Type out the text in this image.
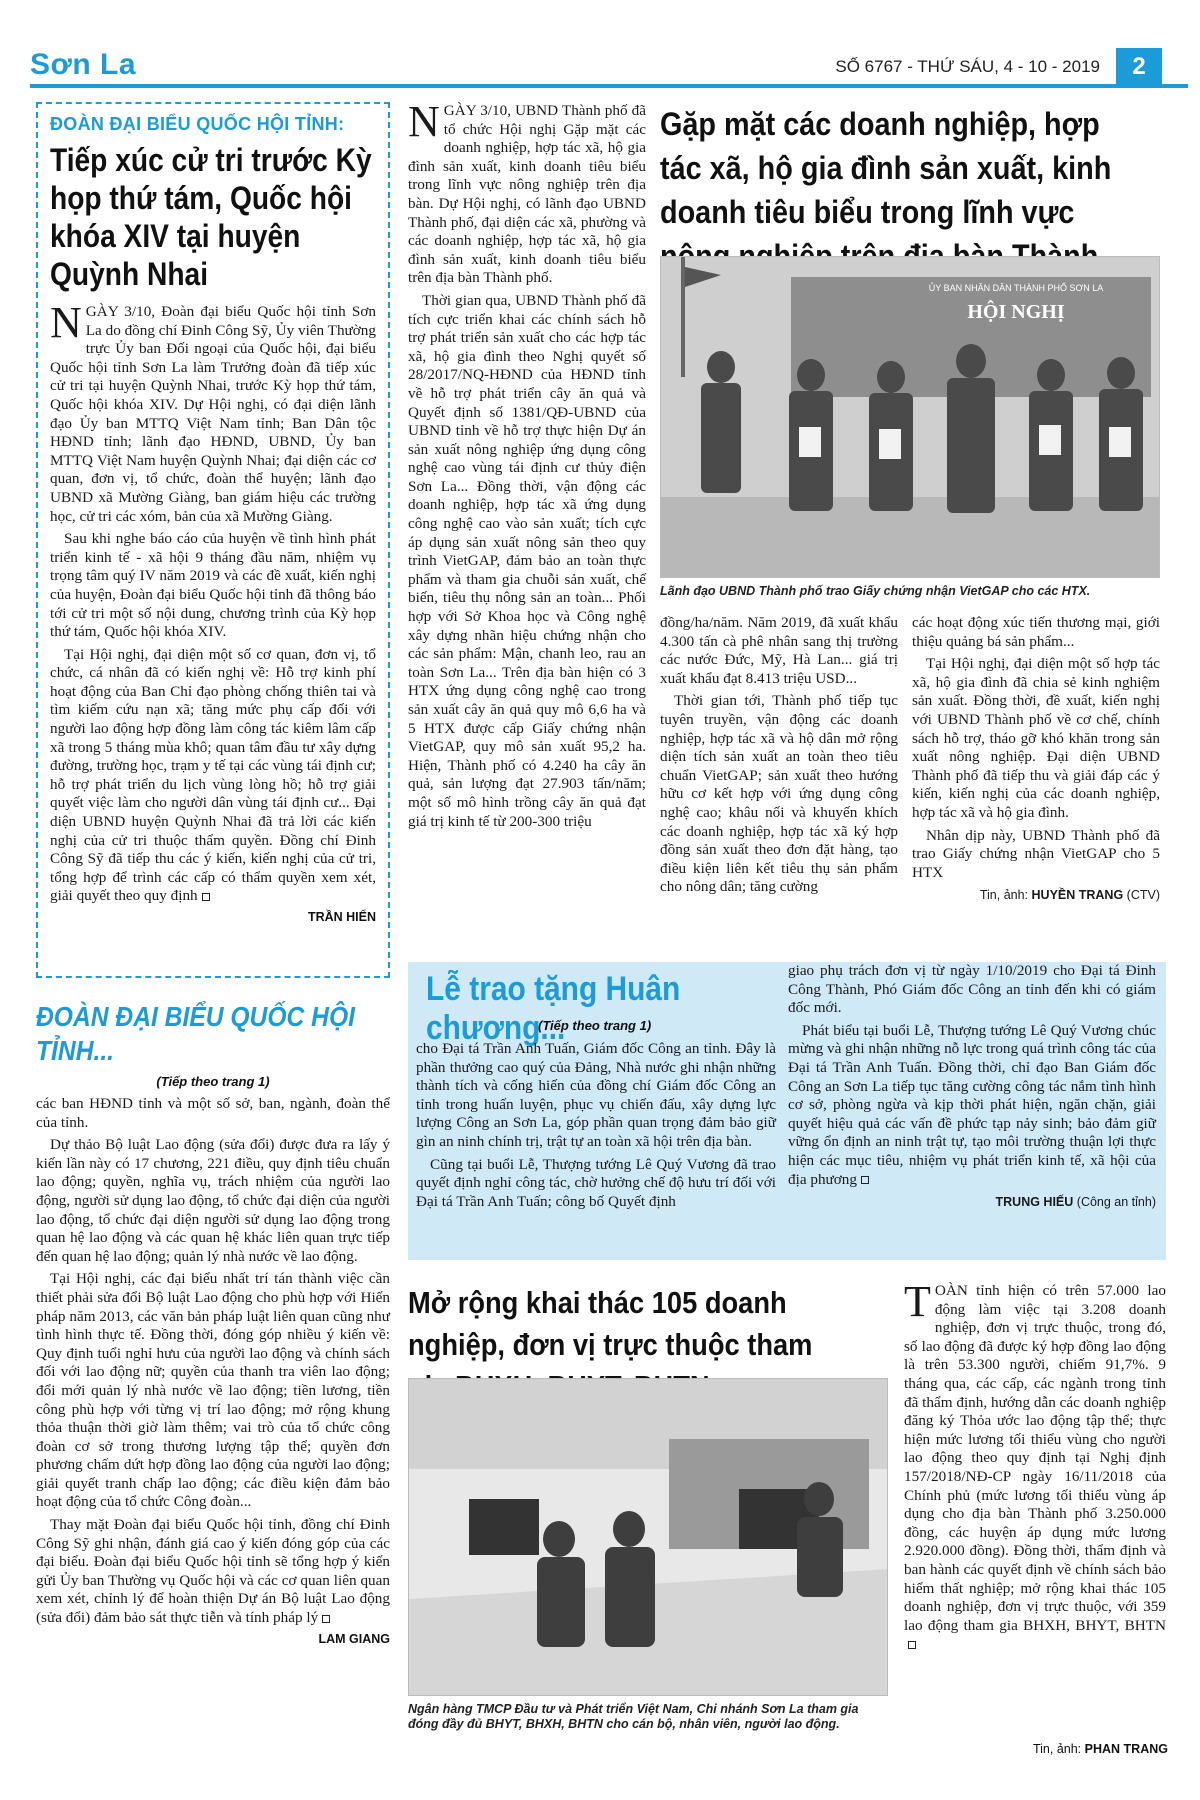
Sơn La	SỐ 6767 - THỨ SÁU, 4 - 10 - 2019	2
ĐOÀN ĐẠI BIỂU QUỐC HỘI TỈNH:
Tiếp xúc cử tri trước Kỳ họp thứ tám, Quốc hội khóa XIV tại huyện Quỳnh Nhai

NGÀY 3/10, Đoàn đại biểu Quốc hội tỉnh Sơn La do đồng chí Đinh Công Sỹ, Ủy viên Thường trực Ủy ban Đối ngoại của Quốc hội, đại biểu Quốc hội tỉnh Sơn La làm Trưởng đoàn đã tiếp xúc cử tri tại huyện Quỳnh Nhai, trước Kỳ họp thứ tám, Quốc hội khóa XIV. Dự Hội nghị, có đại diện lãnh đạo Ủy ban MTTQ Việt Nam tỉnh; Ban Dân tộc HĐND tỉnh; lãnh đạo HĐND, UBND, Ủy ban MTTQ Việt Nam huyện Quỳnh Nhai; đại diện các cơ quan, đơn vị, tổ chức, đoàn thể huyện; lãnh đạo UBND xã Mường Giàng, ban giám hiệu các trường học, cử tri các xóm, bản của xã Mường Giàng.

Sau khi nghe báo cáo của huyện về tình hình phát triển kinh tế - xã hội 9 tháng đầu năm, nhiệm vụ trọng tâm quý IV năm 2019 và các đề xuất, kiến nghị của huyện, Đoàn đại biểu Quốc hội tỉnh đã thông báo tới cử tri một số nội dung, chương trình của Kỳ họp thứ tám, Quốc hội khóa XIV.

Tại Hội nghị, đại diện một số cơ quan, đơn vị, tổ chức, cá nhân đã có kiến nghị về: Hỗ trợ kinh phí hoạt động của Ban Chỉ đạo phòng chống thiên tai và tìm kiếm cứu nạn xã; tăng mức phụ cấp đối với người lao động hợp đồng làm công tác kiêm lâm cấp xã trong 5 tháng mùa khô; quan tâm đầu tư xây dựng đường, trường học, trạm y tế tại các vùng tái định cư; hỗ trợ phát triển du lịch vùng lòng hồ; hỗ trợ giải quyết việc làm cho người dân vùng tái định cư... Đại diện UBND huyện Quỳnh Nhai đã trả lời các kiến nghị của cử tri thuộc thẩm quyền. Đồng chí Đinh Công Sỹ đã tiếp thu các ý kiến, kiến nghị của cử tri, tổng hợp để trình các cấp có thẩm quyền xem xét, giải quyết theo quy định

TRẦN HIỂN
ĐOÀN ĐẠI BIỂU QUỐC HỘI TỈNH...
(Tiếp theo trang 1)

các ban HĐND tỉnh và một số sở, ban, ngành, đoàn thể của tỉnh.

Dự thảo Bộ luật Lao động (sửa đổi) được đưa ra lấy ý kiến lần này có 17 chương, 221 điều, quy định tiêu chuẩn lao động; quyền, nghĩa vụ, trách nhiệm của người lao động, người sử dụng lao động, tổ chức đại diện của người lao động, tổ chức đại diện người sử dụng lao động trong quan hệ lao động và các quan hệ khác liên quan trực tiếp đến quan hệ lao động; quản lý nhà nước về lao động.

Tại Hội nghị, các đại biểu nhất trí tán thành việc cần thiết phải sửa đổi Bộ luật Lao động cho phù hợp với Hiến pháp năm 2013, các văn bản pháp luật liên quan cũng như tình hình thực tế. Đồng thời, đóng góp nhiều ý kiến về: Quy định tuổi nghỉ hưu của người lao động và chính sách đối với lao động nữ; quyền của thanh tra viên lao động; đổi mới quản lý nhà nước về lao động; tiền lương, tiền công phù hợp với từng vị trí lao động; mở rộng khung thỏa thuận thời giờ làm thêm; vai trò của tổ chức công đoàn cơ sở trong thương lượng tập thể; quyền đơn phương chấm dứt hợp đồng lao động của người lao động; giải quyết tranh chấp lao động; các điều kiện đảm bảo hoạt động của tổ chức Công đoàn...

Thay mặt Đoàn đại biểu Quốc hội tỉnh, đồng chí Đinh Công Sỹ ghi nhận, đánh giá cao ý kiến đóng góp của các đại biểu. Đoàn đại biểu Quốc hội tỉnh sẽ tổng hợp ý kiến gửi Ủy ban Thường vụ Quốc hội và các cơ quan liên quan xem xét, chỉnh lý để hoàn thiện Dự án Bộ luật Lao động (sửa đổi) đảm bảo sát thực tiễn và tính pháp lý

LAM GIANG

NGÀY 3/10, UBND Thành phố đã tổ chức Hội nghị Gặp mặt các doanh nghiệp, hợp tác xã, hộ gia đình sản xuất, kinh doanh tiêu biểu trong lĩnh vực nông nghiệp trên địa bàn. Dự Hội nghị, có lãnh đạo UBND Thành phố, đại diện các xã, phường và các doanh nghiệp, hợp tác xã, hộ gia đình sản xuất, kinh doanh tiêu biểu trên địa bàn Thành phố.

Thời gian qua, UBND Thành phố đã tích cực triển khai các chính sách hỗ trợ phát triển sản xuất cho các hợp tác xã, hộ gia đình theo Nghị quyết số 28/2017/NQ-HĐND của HĐND tỉnh về hỗ trợ phát triển cây ăn quả và Quyết định số 1381/QĐ-UBND của UBND tỉnh về hỗ trợ thực hiện Dự án sản xuất nông nghiệp ứng dụng công nghệ cao vùng tái định cư thủy điện Sơn La... Đồng thời, vận động các doanh nghiệp, hợp tác xã ứng dụng công nghệ cao vào sản xuất; tích cực áp dụng sản xuất nông sản theo quy trình VietGAP, đảm bảo an toàn thực phẩm và tham gia chuỗi sản xuất, chế biến, tiêu thụ nông sản an toàn... Phối hợp với Sở Khoa học và Công nghệ xây dựng nhãn hiệu chứng nhận cho các sản phẩm: Mận, chanh leo, rau an toàn Sơn La... Trên địa bàn hiện có 3 HTX ứng dụng công nghệ cao trong sản xuất cây ăn quả quy mô 6,6 ha và 5 HTX được cấp Giấy chứng nhận VietGAP, quy mô sản xuất 95,2 ha. Hiện, Thành phố có 4.240 ha cây ăn quả, sản lượng đạt 27.903 tấn/năm; một số mô hình trồng cây ăn quả đạt giá trị kinh tế từ 200-300 triệu

Gặp mặt các doanh nghiệp, hợp tác xã, hộ gia đình sản xuất, kinh doanh tiêu biểu trong lĩnh vực
ỦY BAN NHÂN DÂN THÀNH PHỐ SƠN LA
HỘI NGHỊ
Lãnh đạo UBND Thành phố trao Giấy chứng nhận VietGAP cho các HTX.

đồng/ha/năm. Năm 2019, đã xuất khẩu 4.300 tấn cà phê nhân sang thị trường các nước Đức, Mỹ, Hà Lan... giá trị xuất khẩu đạt 8.413 triệu USD...

Thời gian tới, Thành phố tiếp tục tuyên truyền, vận động các doanh nghiệp, hợp tác xã và hộ dân mở rộng diện tích sản xuất an toàn theo tiêu chuẩn VietGAP; sản xuất theo hướng hữu cơ kết hợp với ứng dụng công nghệ cao; khâu nối và khuyến khích các doanh nghiệp, hợp tác xã ký hợp đồng sản xuất theo đơn đặt hàng, tạo điều kiện liên kết tiêu thụ sản phẩm cho nông dân; tăng cường

các hoạt động xúc tiến thương mại, giới thiệu quảng bá sản phẩm...

Tại Hội nghị, đại diện một số hợp tác xã, hộ gia đình đã chia sẻ kinh nghiệm sản xuất. Đồng thời, đề xuất, kiến nghị với UBND Thành phố về cơ chế, chính sách hỗ trợ, tháo gỡ khó khăn trong sản xuất nông nghiệp. Đại diện UBND Thành phố đã tiếp thu và giải đáp các ý kiến, kiến nghị của các doanh nghiệp, hợp tác xã và hộ gia đình.

Nhân dịp này, UBND Thành phố đã trao Giấy chứng nhận VietGAP cho 5 HTX

Tin, ảnh: HUYỀN TRANG (CTV)
Lễ trao tặng Huân chương...
(Tiếp theo trang 1)

cho Đại tá Trần Anh Tuấn, Giám đốc Công an tỉnh. Đây là phần thưởng cao quý của Đảng, Nhà nước ghi nhận những thành tích và cống hiến của đồng chí Giám đốc Công an tỉnh trong huấn luyện, phục vụ chiến đấu, xây dựng lực lượng Công an Sơn La, góp phần quan trọng đảm bảo giữ gìn an ninh chính trị, trật tự an toàn xã hội trên địa bàn.

Cũng tại buổi Lễ, Thượng tướng Lê Quý Vương đã trao quyết định nghỉ công tác, chờ hưởng chế độ hưu trí đối với Đại tá Trần Anh Tuấn; công bố Quyết định

giao phụ trách đơn vị từ ngày 1/10/2019 cho Đại tá Đinh Công Thành, Phó Giám đốc Công an tỉnh đến khi có giám đốc mới.

Phát biểu tại buổi Lễ, Thượng tướng Lê Quý Vương chúc mừng và ghi nhận những nỗ lực trong quá trình công tác của Đại tá Trần Anh Tuấn. Đồng thời, chỉ đạo Ban Giám đốc Công an Sơn La tiếp tục tăng cường công tác nắm tình hình cơ sở, phòng ngừa và kịp thời phát hiện, ngăn chặn, giải quyết hiệu quả các vấn đề phức tạp nảy sinh; bảo đảm giữ vững ổn định an ninh trật tự, tạo môi trường thuận lợi thực hiện các mục tiêu, nhiệm vụ phát triển kinh tế, xã hội của địa phương

TRUNG HIẾU (Công an tỉnh)
Mở rộng khai thác 105 doanh nghiệp, đơn vị trực thuộc tham
Ngân hàng TMCP Đầu tư và Phát triển Việt Nam, Chi nhánh Sơn La tham gia đóng đầy đủ BHYT, BHXH, BHTN cho cán bộ, nhân viên, người lao động.

TOÀN tỉnh hiện có trên 57.000 lao động làm việc tại 3.208 doanh nghiệp, đơn vị trực thuộc, trong đó, số lao động đã được ký hợp đồng lao động là trên 53.300 người, chiếm 91,7%. 9 tháng qua, các cấp, các ngành trong tỉnh đã thẩm định, hướng dẫn các doanh nghiệp đăng ký Thỏa ước lao động tập thể; thực hiện mức lương tối thiểu vùng cho người lao động theo quy định tại Nghị định 157/2018/NĐ-CP ngày 16/11/2018 của Chính phủ (mức lương tối thiểu vùng áp dụng cho địa bàn Thành phố 3.250.000 đồng, các huyện áp dụng mức lương 2.920.000 đồng). Đồng thời, thẩm định và ban hành các quyết định về chính sách bảo hiểm thất nghiệp; mở rộng khai thác 105 doanh nghiệp, đơn vị trực thuộc, với 359 lao động tham gia BHXH, BHYT, BHTN

Tin, ảnh: PHAN TRANG
